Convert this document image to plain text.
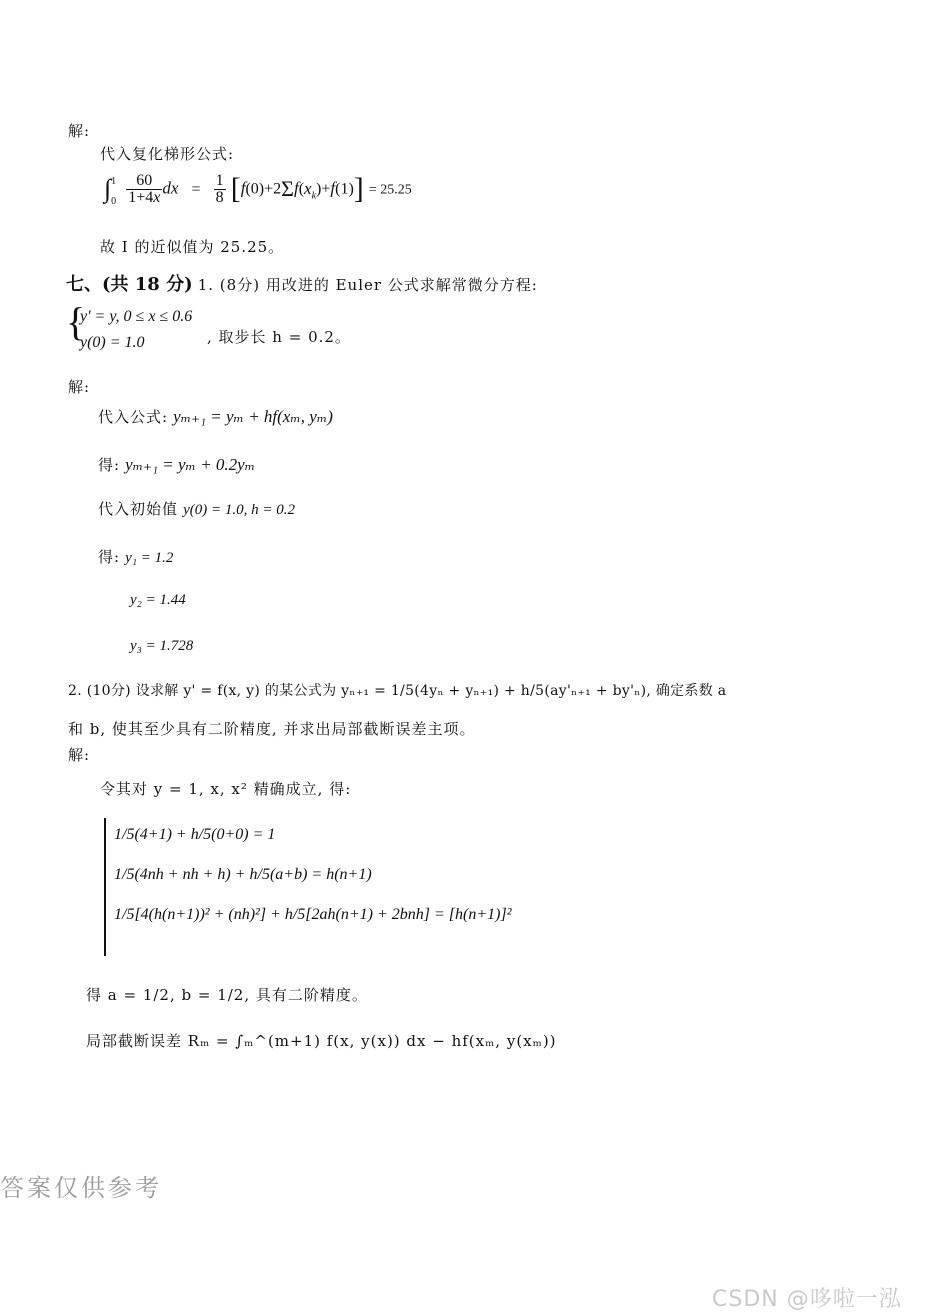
解:
代入复化梯形公式:
$\int^1_0 \frac{60}{1+4x}$ dx = $\frac{1}{8} [f(0)+2\Sigma f(x_k)+f(1)] = 25.25$
故 I 的近似值为 25.25。
七、(共 18 分) 1. (8分) 用改进的 Euler 公式求解常微分方程:
{
y' = y, 0 ≤ x ≤ 0.6
y(0) = 1.0	, 取步长 h = 0.2。
解:
代入公式: yₘ₊₁ = yₘ + hf(xₘ, yₘ)
得: yₘ₊₁ = yₘ + 0.2yₘ
代入初始值 y(0) = 1.0, h = 0.2
得: y₁ = 1.2
y₂ = 1.44
y₃ = 1.728
2. (10分) 设求解 y' = f(x, y) 的某公式为 yₙ₊₁ = 1/5(4yₙ + yₙ₊₁) + h/5(ay'ₙ₊₁ + by'ₙ), 确定系数 a
和 b, 使其至少具有二阶精度, 并求出局部截断误差主项。
解:
令其对 y = 1, x, x² 精确成立, 得:
1/5(4+1) + h/5(0+0) = 1
1/5(4nh + nh + h) + h/5(a+b) = h(n+1)
1/5[4(h(n+1))² + (nh)²] + h/5[2ah(n+1) + 2bnh] = [h(n+1)]²
得 a = 1/2, b = 1/2, 具有二阶精度。
局部截断误差 Rₘ = ∫ₘ^(m+1) f(x, y(x)) dx − hf(xₘ, y(xₘ))
答案仅供参考
CSDN @哆啦一泓
